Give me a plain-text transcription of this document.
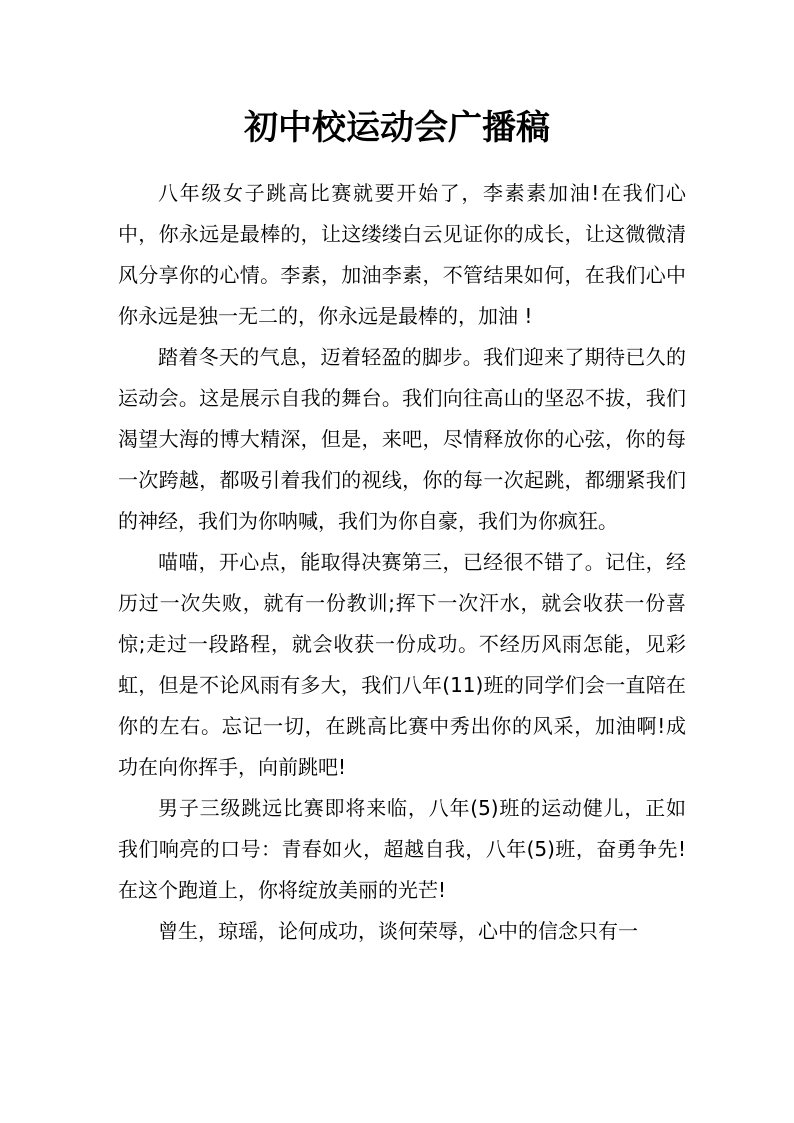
初中校运动会广播稿

八年级女子跳高比赛就要开始了，李素素加油!在我们心中，你永远是最棒的，让这缕缕白云见证你的成长，让这微微清风分享你的心情。李素，加油李素，不管结果如何，在我们心中你永远是独一无二的，你永远是最棒的，加油 !

踏着冬天的气息，迈着轻盈的脚步。我们迎来了期待已久的运动会。这是展示自我的舞台。我们向往高山的坚忍不拔，我们渴望大海的博大精深，但是，来吧，尽情释放你的心弦，你的每一次跨越，都吸引着我们的视线，你的每一次起跳，都绷紧我们的神经，我们为你呐喊，我们为你自豪，我们为你疯狂。

喵喵，开心点，能取得决赛第三，已经很不错了。记住，经历过一次失败，就有一份教训;挥下一次汗水，就会收获一份喜惊;走过一段路程，就会收获一份成功。不经历风雨怎能，见彩虹，但是不论风雨有多大，我们八年(11)班的同学们会一直陪在你的左右。忘记一切，在跳高比赛中秀出你的风采，加油啊!成功在向你挥手，向前跳吧!

男子三级跳远比赛即将来临，八年(5)班的运动健儿，正如我们响亮的口号：青春如火，超越自我，八年(5)班，奋勇争先!在这个跑道上，你将绽放美丽的光芒!

曾生，琼瑶，论何成功，谈何荣辱，心中的信念只有一
